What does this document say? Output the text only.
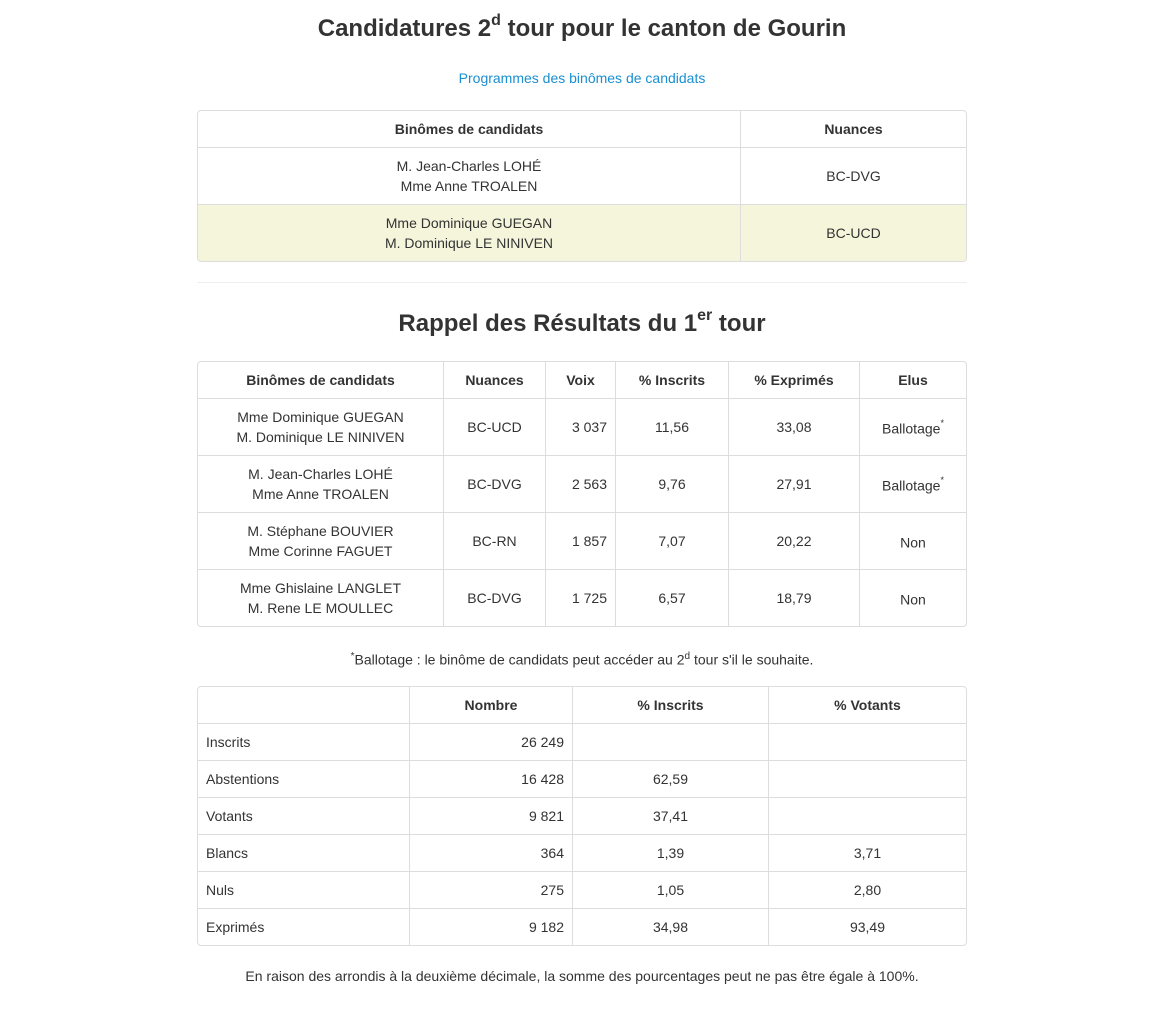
Candidatures 2$^d$ tour pour le canton de Gourin
Programmes des binômes de candidats
Binômes de candidats	Nuances

M. Jean-Charles LOHÉ
Mme Anne TROALEN	BC-DVG

Mme Dominique GUEGAN
M. Dominique LE NINIVEN	BC-UCD
Rappel des Résultats du 1er tour
Binômes de candidats	Nuances	Voix	% Inscrits	% Exprimés	Elus

Mme Dominique GUEGAN
M. Dominique LE NINIVEN	BC-UCD	3 037	11,56	33,08	Ballotage*

M. Jean-Charles LOHÉ
Mme Anne TROALEN	BC-DVG	2 563	9,76	27,91	Ballotage*

M. Stéphane BOUVIER
Mme Corinne FAGUET	BC-RN	1 857	7,07	20,22	Non

Mme Ghislaine LANGLET
M. Rene LE MOULLEC	BC-DVG	1 725	6,57	18,79	Non
*Ballotage : le binôme de candidats peut accéder au 2$^d$ tour s'il le souhaite.
	Nombre	% Inscrits	% Votants
Inscrits	26 249		
Abstentions	16 428	62,59	
Votants	9 821	37,41	
Blancs	364	1,39	3,71
Nuls	275	1,05	2,80
Exprimés	9 182	34,98	93,49
En raison des arrondis à la deuxième décimale, la somme des pourcentages peut ne pas être égale à 100%.
